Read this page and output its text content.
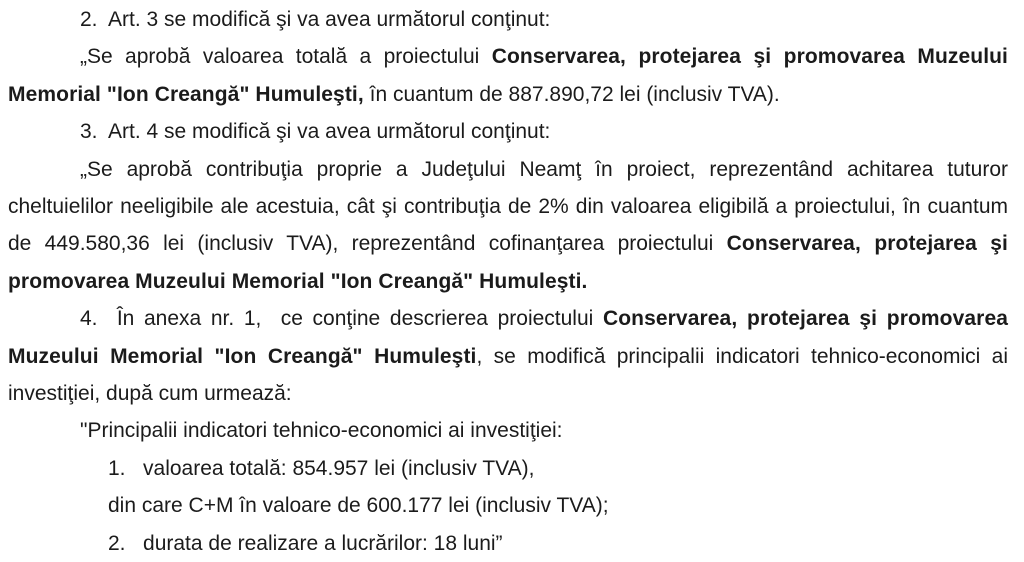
2.  Art. 3 se modifică şi va avea următorul conţinut:
„Se aprobă valoarea totală a proiectului Conservarea, protejarea şi promovarea Muzeului
Memorial "Ion Creangă" Humuleşti, în cuantum de 887.890,72 lei (inclusiv TVA).
3.  Art. 4 se modifică şi va avea următorul conţinut:
„Se aprobă contribuţia proprie a Judeţului Neamţ în proiect, reprezentând achitarea tuturor
cheltuielilor neeligibile ale acestuia, cât şi contribuţia de 2% din valoarea eligibilă a proiectului, în cuantum
de 449.580,36 lei (inclusiv TVA), reprezentând cofinanţarea proiectului Conservarea, protejarea şi
promovarea Muzeului Memorial "Ion Creangă" Humuleşti.
4.  În anexa nr. 1,  ce conţine descrierea proiectului Conservarea, protejarea şi promovarea
Muzeului Memorial "Ion Creangă" Humuleşti, se modifică principalii indicatori tehnico-economici ai
investiţiei, după cum urmează:
"Principalii indicatori tehnico-economici ai investiţiei:
1.   valoarea totală: 854.957 lei (inclusiv TVA),
din care C+M în valoare de 600.177 lei (inclusiv TVA);
2.   durata de realizare a lucrărilor: 18 luni”
